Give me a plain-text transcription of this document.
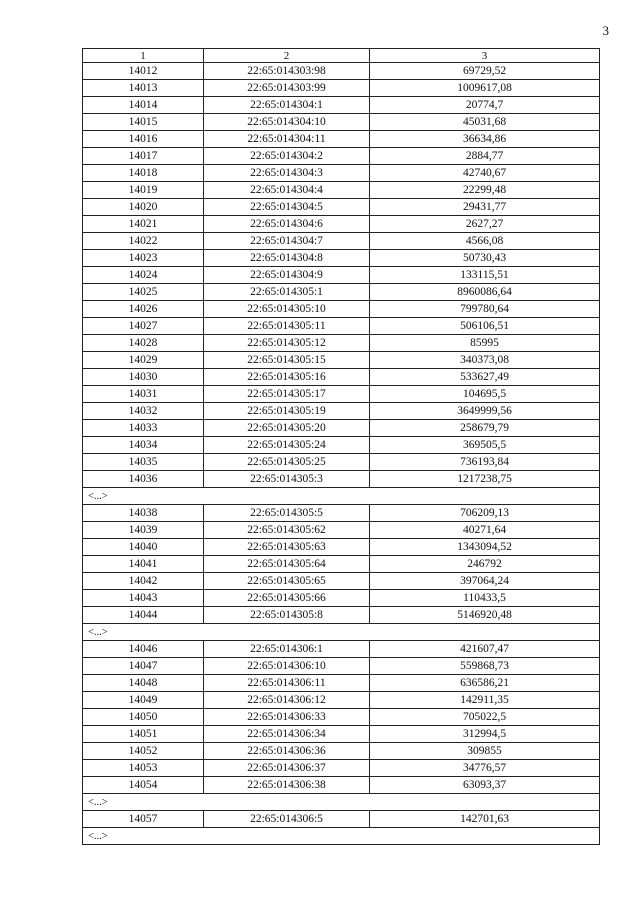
3
1	2	3
14012	22:65:014303:98	69729,52
14013	22:65:014303:99	1009617,08
14014	22:65:014304:1	20774,7
14015	22:65:014304:10	45031,68
14016	22:65:014304:11	36634,86
14017	22:65:014304:2	2884,77
14018	22:65:014304:3	42740,67
14019	22:65:014304:4	22299,48
14020	22:65:014304:5	29431,77
14021	22:65:014304:6	2627,27
14022	22:65:014304:7	4566,08
14023	22:65:014304:8	50730,43
14024	22:65:014304:9	133115,51
14025	22:65:014305:1	8960086,64
14026	22:65:014305:10	799780,64
14027	22:65:014305:11	506106,51
14028	22:65:014305:12	85995
14029	22:65:014305:15	340373,08
14030	22:65:014305:16	533627,49
14031	22:65:014305:17	104695,5
14032	22:65:014305:19	3649999,56
14033	22:65:014305:20	258679,79
14034	22:65:014305:24	369505,5
14035	22:65:014305:25	736193,84
14036	22:65:014305:3	1217238,75
<...>		
14038	22:65:014305:5	706209,13
14039	22:65:014305:62	40271,64
14040	22:65:014305:63	1343094,52
14041	22:65:014305:64	246792
14042	22:65:014305:65	397064,24
14043	22:65:014305:66	110433,5
14044	22:65:014305:8	5146920,48
<...>		
14046	22:65:014306:1	421607,47
14047	22:65:014306:10	559868,73
14048	22:65:014306:11	636586,21
14049	22:65:014306:12	142911,35
14050	22:65:014306:33	705022,5
14051	22:65:014306:34	312994,5
14052	22:65:014306:36	309855
14053	22:65:014306:37	34776,57
14054	22:65:014306:38	63093,37
<...>		
14057	22:65:014306:5	142701,63
<...>		
